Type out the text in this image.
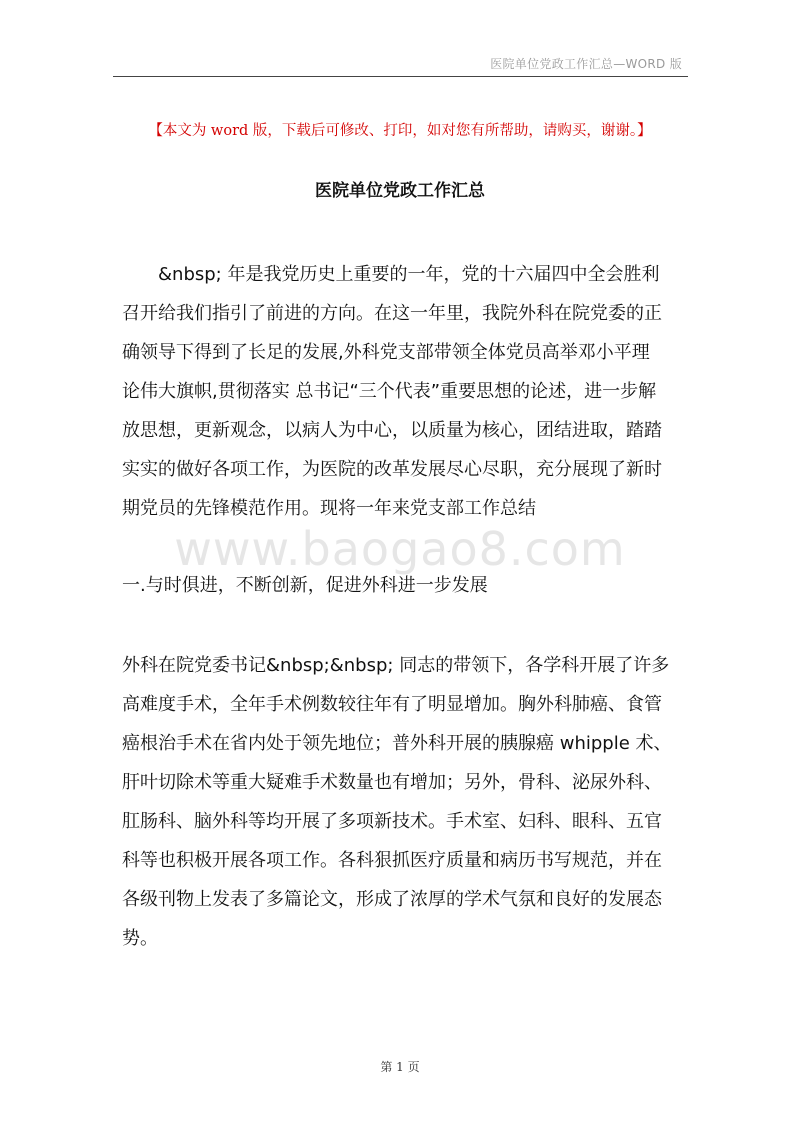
医院单位党政工作汇总—WORD 版
【本文为 word 版，下载后可修改、打印，如对您有所帮助，请购买，谢谢。】
医院单位党政工作汇总
&nbsp; 年是我党历史上重要的一年，党的十六届四中全会胜利
召开给我们指引了前进的方向。在这一年里，我院外科在院党委的正
确领导下得到了长足的发展,外科党支部带领全体党员高举邓小平理
论伟大旗帜,贯彻落实 总书记“三个代表”重要思想的论述，进一步解
放思想，更新观念，以病人为中心，以质量为核心，团结进取，踏踏
实实的做好各项工作，为医院的改革发展尽心尽职，充分展现了新时
期党员的先锋模范作用。现将一年来党支部工作总结
www.baogao8.com
一.与时俱进，不断创新，促进外科进一步发展
外科在院党委书记&nbsp;&nbsp; 同志的带领下，各学科开展了许多
高难度手术，全年手术例数较往年有了明显增加。胸外科肺癌、食管
癌根治手术在省内处于领先地位；普外科开展的胰腺癌 whipple 术、
肝叶切除术等重大疑难手术数量也有增加；另外，骨科、泌尿外科、
肛肠科、脑外科等均开展了多项新技术。手术室、妇科、眼科、五官
科等也积极开展各项工作。各科狠抓医疗质量和病历书写规范，并在
各级刊物上发表了多篇论文，形成了浓厚的学术气氛和良好的发展态
势。
第 1 页
